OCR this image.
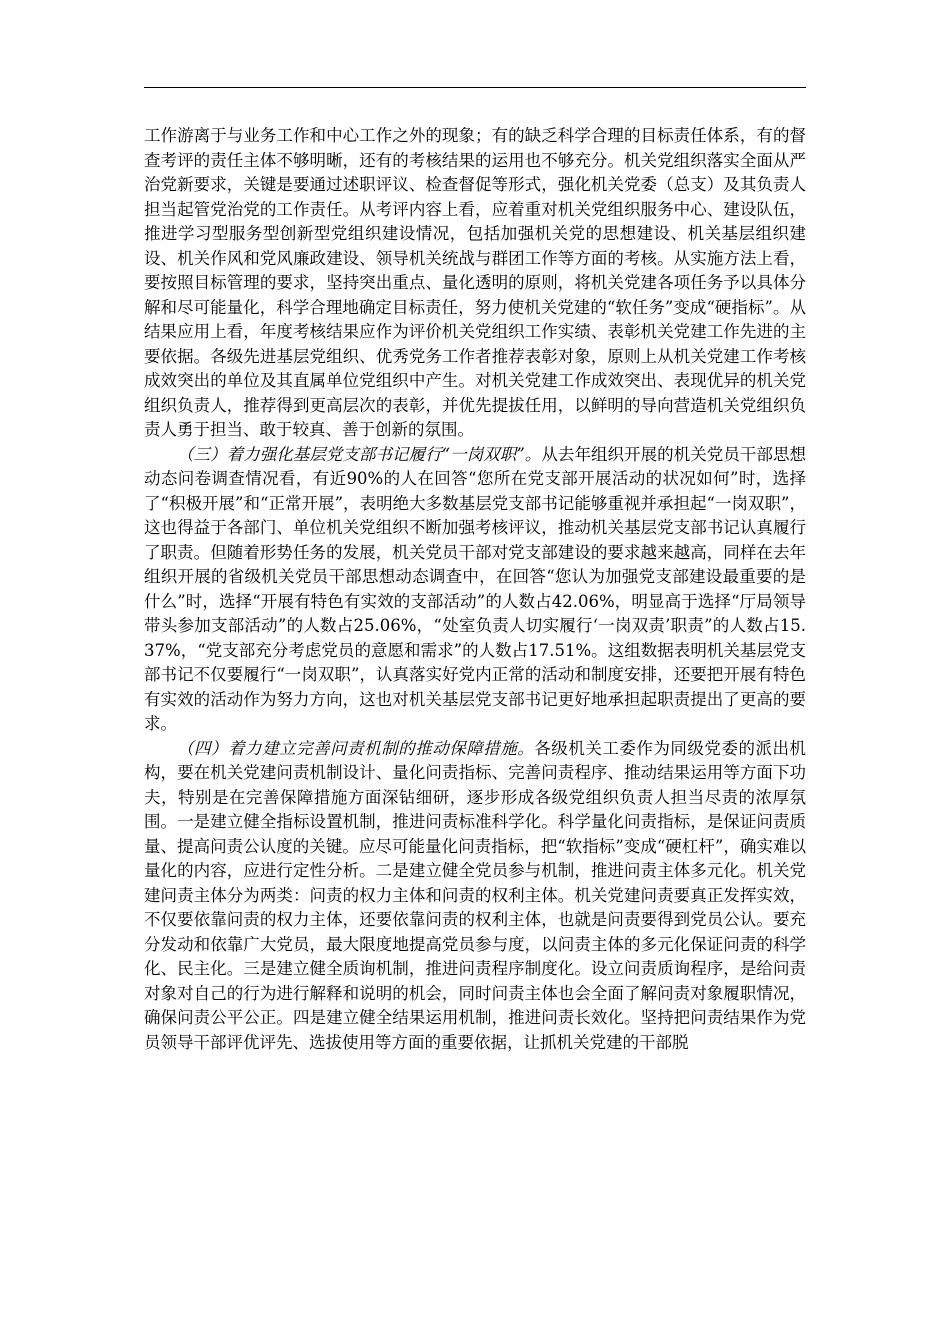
工作游离于与业务工作和中心工作之外的现象；有的缺乏科学合理的目标责任体系，有的督查考评的责任主体不够明晰，还有的考核结果的运用也不够充分。机关党组织落实全面从严治党新要求，关键是要通过述职评议、检查督促等形式，强化机关党委（总支）及其负责人担当起管党治党的工作责任。从考评内容上看，应着重对机关党组织服务中心、建设队伍，推进学习型服务型创新型党组织建设情况，包括加强机关党的思想建设、机关基层组织建设、机关作风和党风廉政建设、领导机关统战与群团工作等方面的考核。从实施方法上看，要按照目标管理的要求，坚持突出重点、量化透明的原则，将机关党建各项任务予以具体分解和尽可能量化，科学合理地确定目标责任，努力使机关党建的“软任务”变成“硬指标”。从结果应用上看，年度考核结果应作为评价机关党组织工作实绩、表彰机关党建工作先进的主要依据。各级先进基层党组织、优秀党务工作者推荐表彰对象，原则上从机关党建工作考核成效突出的单位及其直属单位党组织中产生。对机关党建工作成效突出、表现优异的机关党组织负责人，推荐得到更高层次的表彰，并优先提拔任用，以鲜明的导向营造机关党组织负责人勇于担当、敢于较真、善于创新的氛围。

（三）着力强化基层党支部书记履行“一岗双职”。从去年组织开展的机关党员干部思想动态问卷调查情况看，有近90%的人在回答“您所在党支部开展活动的状况如何”时，选择了“积极开展”和“正常开展”，表明绝大多数基层党支部书记能够重视并承担起“一岗双职”，这也得益于各部门、单位机关党组织不断加强考核评议，推动机关基层党支部书记认真履行了职责。但随着形势任务的发展，机关党员干部对党支部建设的要求越来越高，同样在去年组织开展的省级机关党员干部思想动态调查中，在回答“您认为加强党支部建设最重要的是什么”时，选择“开展有特色有实效的支部活动”的人数占42.06%，明显高于选择“厅局领导带头参加支部活动”的人数占25.06%，“处室负责人切实履行‘一岗双责’职责”的人数占15.37%，“党支部充分考虑党员的意愿和需求”的人数占17.51%。这组数据表明机关基层党支部书记不仅要履行“一岗双职”，认真落实好党内正常的活动和制度安排，还要把开展有特色有实效的活动作为努力方向，这也对机关基层党支部书记更好地承担起职责提出了更高的要求。

（四）着力建立完善问责机制的推动保障措施。各级机关工委作为同级党委的派出机构，要在机关党建问责机制设计、量化问责指标、完善问责程序、推动结果运用等方面下功夫，特别是在完善保障措施方面深钻细研，逐步形成各级党组织负责人担当尽责的浓厚氛围。一是建立健全指标设置机制，推进问责标准科学化。科学量化问责指标，是保证问责质量、提高问责公认度的关键。应尽可能量化问责指标，把“软指标”变成“硬杠杆”，确实难以量化的内容，应进行定性分析。二是建立健全党员参与机制，推进问责主体多元化。机关党建问责主体分为两类：问责的权力主体和问责的权利主体。机关党建问责要真正发挥实效，不仅要依靠问责的权力主体，还要依靠问责的权利主体，也就是问责要得到党员公认。要充分发动和依靠广大党员，最大限度地提高党员参与度，以问责主体的多元化保证问责的科学化、民主化。三是建立健全质询机制，推进问责程序制度化。设立问责质询程序，是给问责对象对自己的行为进行解释和说明的机会，同时问责主体也会全面了解问责对象履职情况，确保问责公平公正。四是建立健全结果运用机制，推进问责长效化。坚持把问责结果作为党员领导干部评优评先、选拔使用等方面的重要依据，让抓机关党建的干部脱
